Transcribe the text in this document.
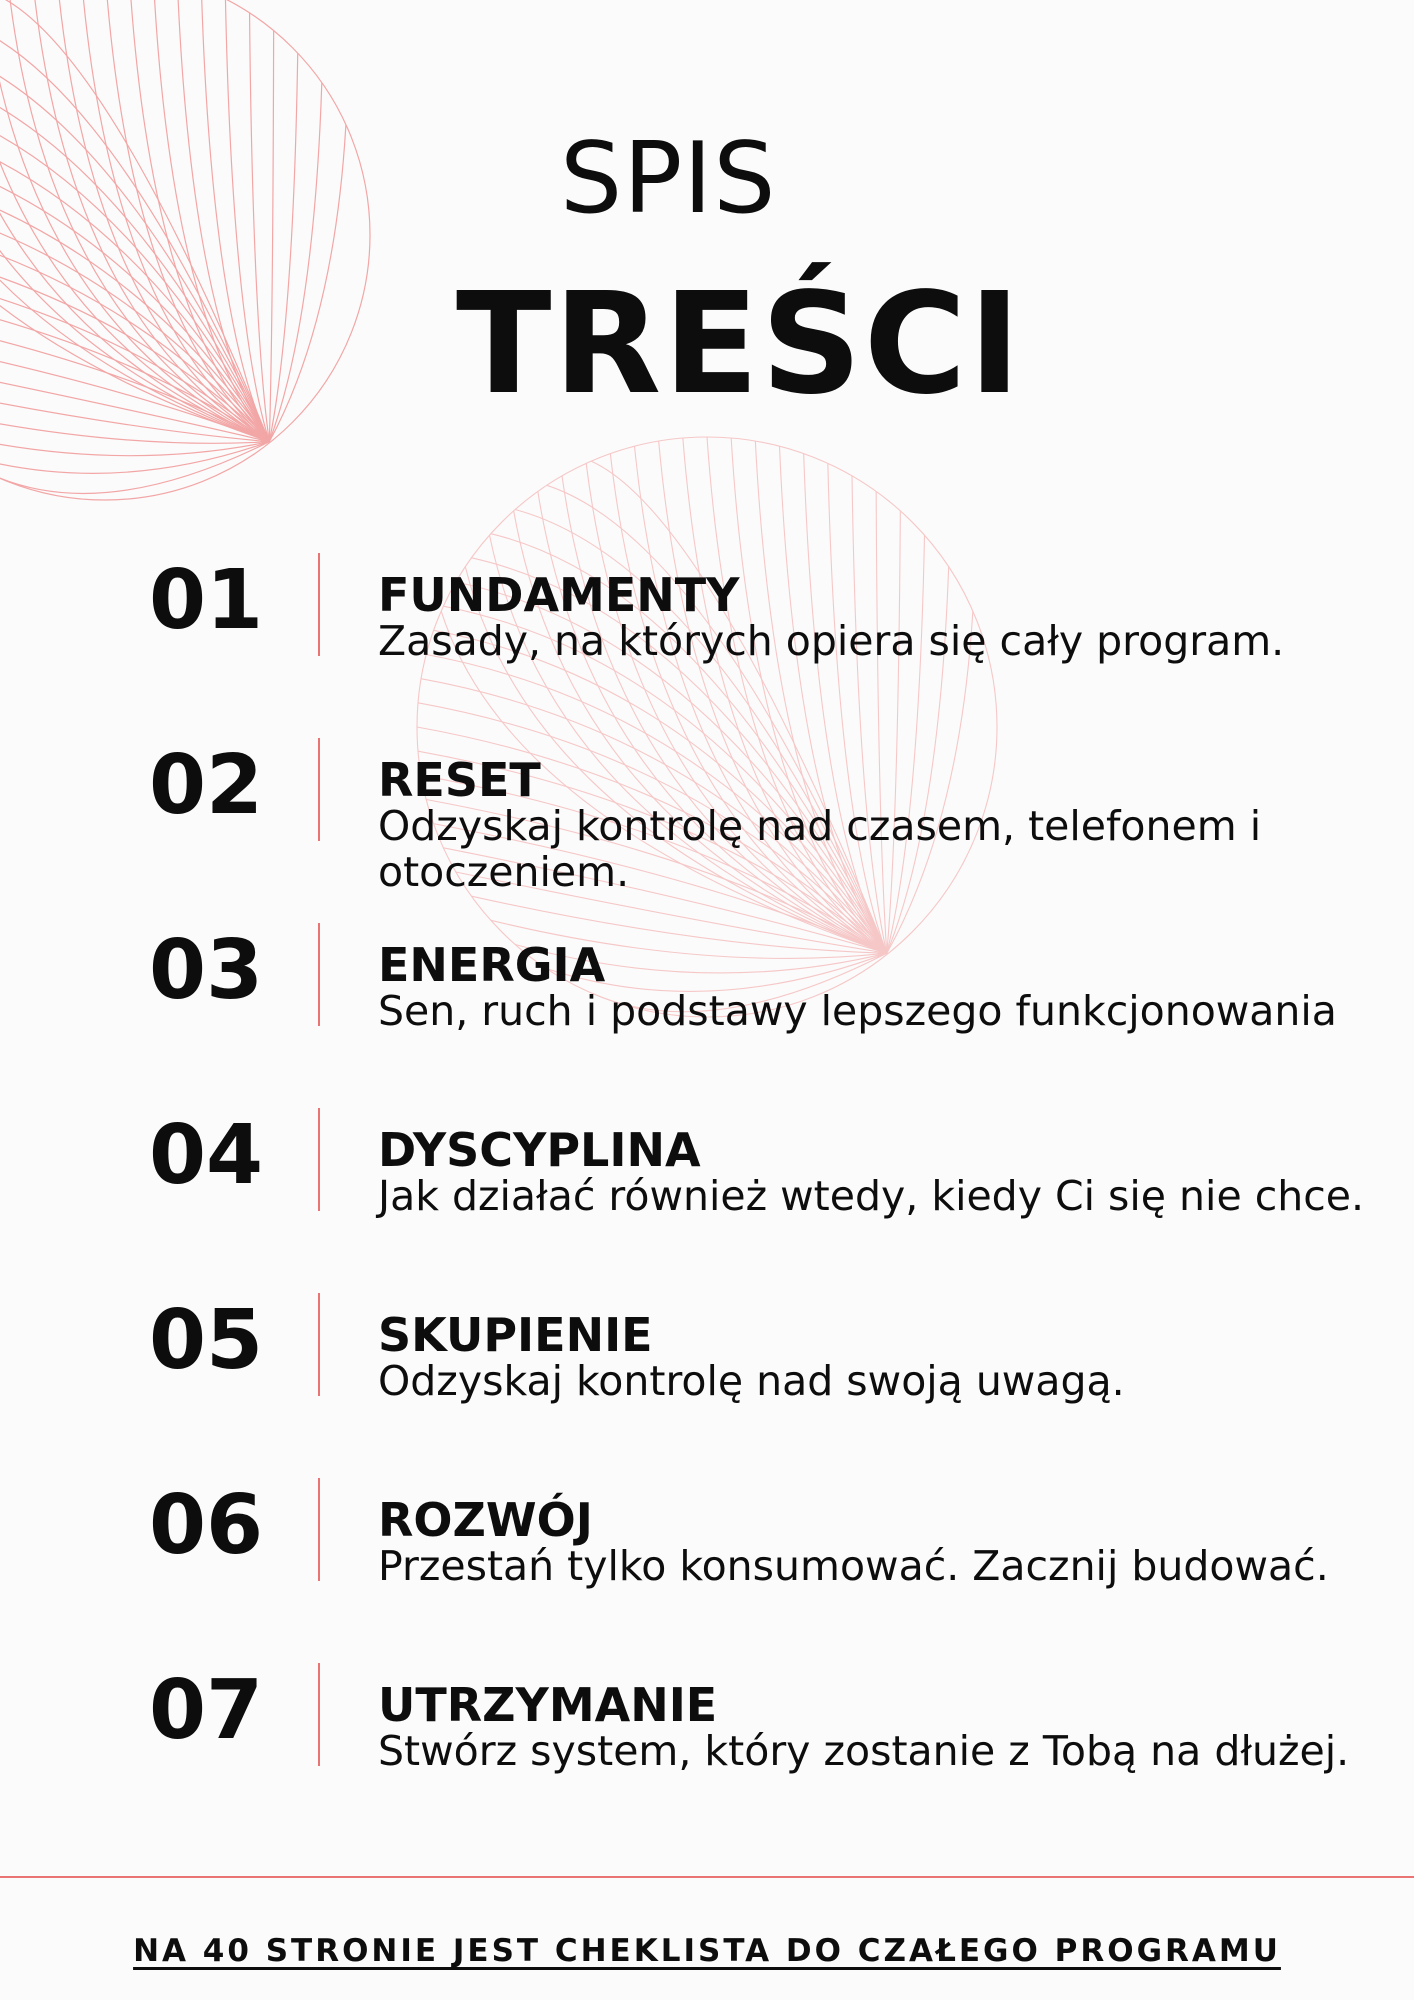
SPIS
TREŚCI
01 FUNDAMENTY
Zasady, na których opiera się cały program.
02 RESET
Odzyskaj kontrolę nad czasem, telefonem i otoczeniem.
03 ENERGIA
Sen, ruch i podstawy lepszego funkcjonowania
04 DYSCYPLINA
Jak działać również wtedy, kiedy Ci się nie chce.
05 SKUPIENIE
Odzyskaj kontrolę nad swoją uwagą.
06 ROZWÓJ
Przestań tylko konsumować. Zacznij budować.
07 UTRZYMANIE
Stwórz system, który zostanie z Tobą na dłużej.
NA 40 STRONIE JEST CHEKLISTA DO CZAŁEGO PROGRAMU
